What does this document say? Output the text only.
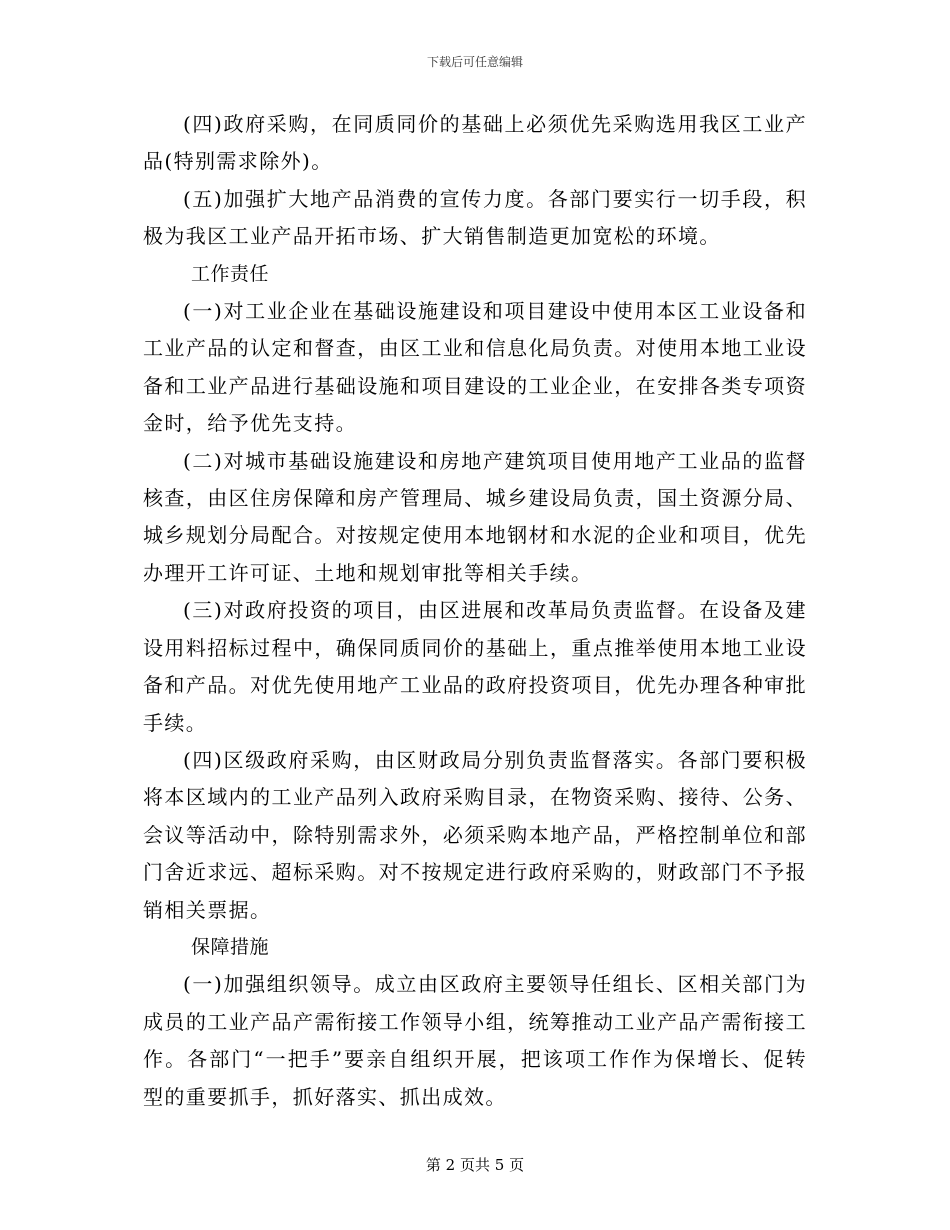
下载后可任意编辑

(四)政府采购，在同质同价的基础上必须优先采购选用我区工业产品(特别需求除外)。

(五)加强扩大地产品消费的宣传力度。各部门要实行一切手段，积极为我区工业产品开拓市场、扩大销售制造更加宽松的环境。

工作责任

(一)对工业企业在基础设施建设和项目建设中使用本区工业设备和工业产品的认定和督查，由区工业和信息化局负责。对使用本地工业设备和工业产品进行基础设施和项目建设的工业企业，在安排各类专项资金时，给予优先支持。

(二)对城市基础设施建设和房地产建筑项目使用地产工业品的监督核查，由区住房保障和房产管理局、城乡建设局负责，国土资源分局、城乡规划分局配合。对按规定使用本地钢材和水泥的企业和项目，优先办理开工许可证、土地和规划审批等相关手续。

(三)对政府投资的项目，由区进展和改革局负责监督。在设备及建设用料招标过程中，确保同质同价的基础上，重点推举使用本地工业设备和产品。对优先使用地产工业品的政府投资项目，优先办理各种审批手续。

(四)区级政府采购，由区财政局分别负责监督落实。各部门要积极将本区域内的工业产品列入政府采购目录，在物资采购、接待、公务、会议等活动中，除特别需求外，必须采购本地产品，严格控制单位和部门舍近求远、超标采购。对不按规定进行政府采购的，财政部门不予报销相关票据。

保障措施

(一)加强组织领导。成立由区政府主要领导任组长、区相关部门为成员的工业产品产需衔接工作领导小组，统筹推动工业产品产需衔接工作。各部门“一把手”要亲自组织开展，把该项工作作为保增长、促转型的重要抓手，抓好落实、抓出成效。

第 2 页共 5 页
